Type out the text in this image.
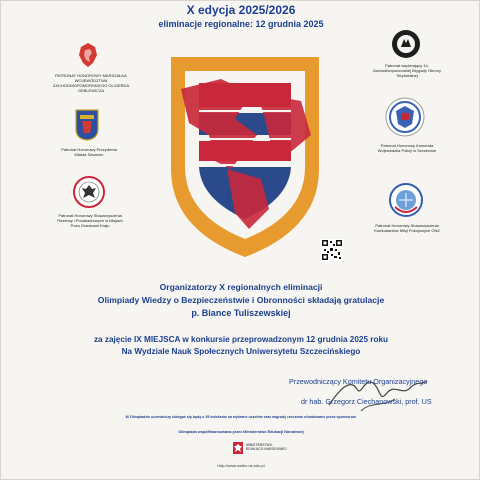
X edycja 2025/2026
eliminacje regionalne: 12 grudnia 2025
PATRONAT HONOROWY MARSZAŁKA WOJEWÓDZTWA ZACHODNIOPOMORSKIEGO OLGIERDA GEBLEWICZA
Patronat Honorowy Prezydenta Miasta Szczecin
Patronat Honorowy Stowarzyszenia Rezerwy i Pozakadrowych w Misjach Poza Granicami Kraju
Patronat wspierający 14. Zachodniopomorskiej Brygady Obrony Terytorialnej
Patronat Honorowy Komenda Wojewódzka Policji w Szczecinie
Patronat Honorowy Stowarzyszenia Kombatantów Misji Pokojowych ONZ
Organizatorzy X regionalnych eliminacji
Olimpiady Wiedzy o Bezpieczeństwie i Obronności składają gratulacje
p. Biance Tuliszewskiej
za zajęcie IX MIEJSCA w konkursie przeprowadzonym 12 grudnia 2025 roku
Na Wydziale Nauk Społecznych Uniwersytetu Szczecińskiego
Przewodniczący Komitetu Organizacyjnego
dr hab. Grzegorz Ciechanowski, prof. US
W Olimpiadzie uczestniczy ubiegać się będą o 35 indeksów na wybrane uczelnie oraz nagrody rzeczowe ufundowane przez sponsorów.
Olimpiada współfinansowana przez Ministerstwo Edukacji Narodowej
MINISTERSTWO EDUKACJI NARODOWEJ
http://www.owibo.us.edu.pl
